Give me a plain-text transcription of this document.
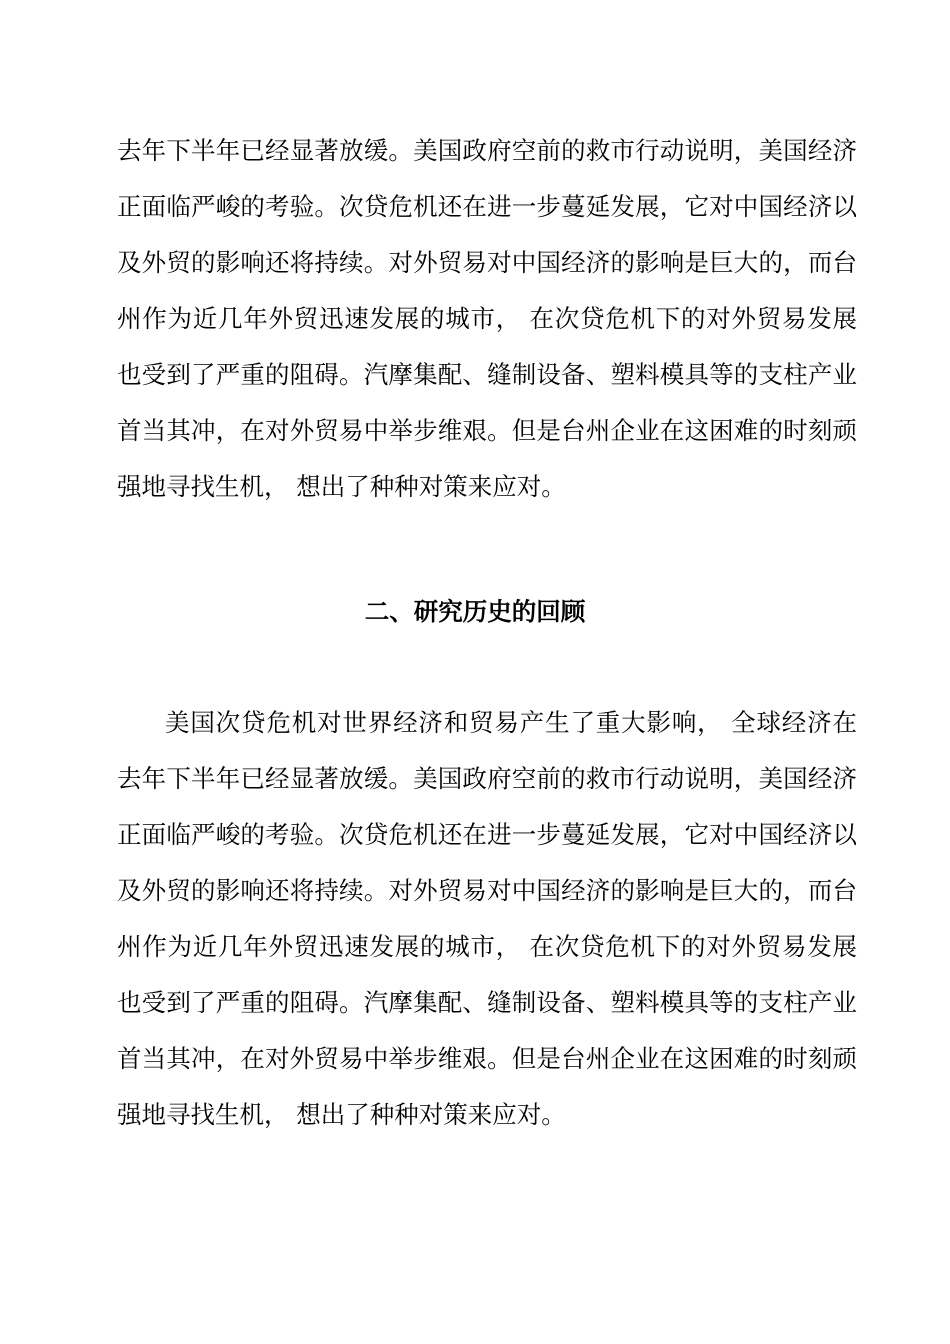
去年下半年已经显著放缓。美国政府空前的救市行动说明，美国经济
正面临严峻的考验。次贷危机还在进一步蔓延发展，它对中国经济以
及外贸的影响还将持续。对外贸易对中国经济的影响是巨大的，而台
州作为近几年外贸迅速发展的城市， 在次贷危机下的对外贸易发展
也受到了严重的阻碍。汽摩集配、缝制设备、塑料模具等的支柱产业
首当其冲，在对外贸易中举步维艰。但是台州企业在这困难的时刻顽
强地寻找生机， 想出了种种对策来应对。
二、研究历史的回顾
美国次贷危机对世界经济和贸易产生了重大影响， 全球经济在
去年下半年已经显著放缓。美国政府空前的救市行动说明，美国经济
正面临严峻的考验。次贷危机还在进一步蔓延发展，它对中国经济以
及外贸的影响还将持续。对外贸易对中国经济的影响是巨大的，而台
州作为近几年外贸迅速发展的城市， 在次贷危机下的对外贸易发展
也受到了严重的阻碍。汽摩集配、缝制设备、塑料模具等的支柱产业
首当其冲，在对外贸易中举步维艰。但是台州企业在这困难的时刻顽
强地寻找生机， 想出了种种对策来应对。
